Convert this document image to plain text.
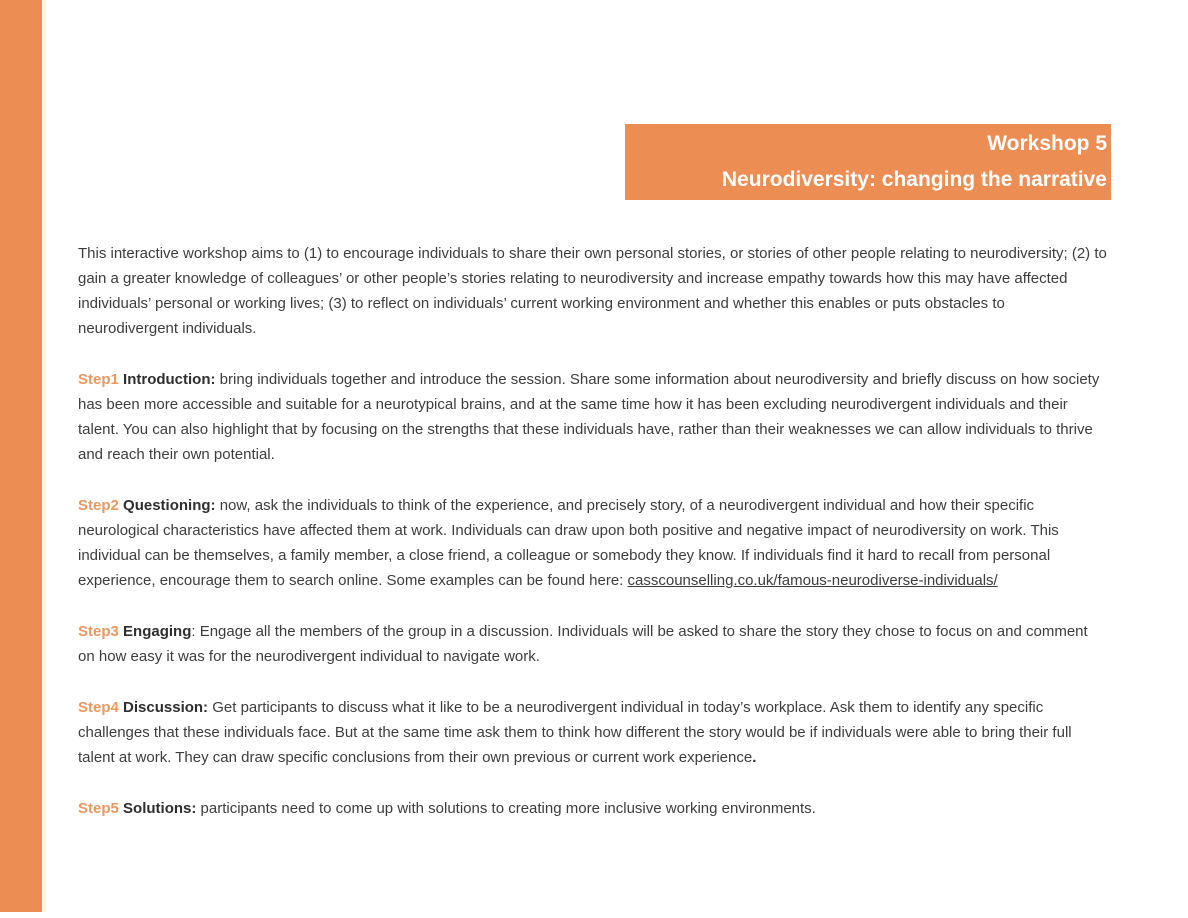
Workshop 5
Neurodiversity: changing the narrative

This interactive workshop aims to (1) to encourage individuals to share their own personal stories, or stories of other people relating to neurodiversity; (2) to gain a greater knowledge of colleagues’ or other people’s stories relating to neurodiversity and increase empathy towards how this may have affected individuals’ personal or working lives; (3) to reflect on individuals’ current working environment and whether this enables or puts obstacles to neurodivergent individuals.

Step1 Introduction: bring individuals together and introduce the session. Share some information about neurodiversity and briefly discuss on how society has been more accessible and suitable for a neurotypical brains, and at the same time how it has been excluding neurodivergent individuals and their talent. You can also highlight that by focusing on the strengths that these individuals have, rather than their weaknesses we can allow individuals to thrive and reach their own potential.

Step2 Questioning: now, ask the individuals to think of the experience, and precisely story, of a neurodivergent individual and how their specific neurological characteristics have affected them at work. Individuals can draw upon both positive and negative impact of neurodiversity on work. This individual can be themselves, a family member, a close friend, a colleague or somebody they know. If individuals find it hard to recall from personal experience, encourage them to search online. Some examples can be found here: casscounselling.co.uk/famous-neurodiverse-individuals/

Step3 Engaging: Engage all the members of the group in a discussion. Individuals will be asked to share the story they chose to focus on and comment on how easy it was for the neurodivergent individual to navigate work.

Step4 Discussion: Get participants to discuss what it like to be a neurodivergent individual in today’s workplace. Ask them to identify any specific challenges that these individuals face. But at the same time ask them to think how different the story would be if individuals were able to bring their full talent at work. They can draw specific conclusions from their own previous or current work experience.

Step5 Solutions: participants need to come up with solutions to creating more inclusive working environments.
